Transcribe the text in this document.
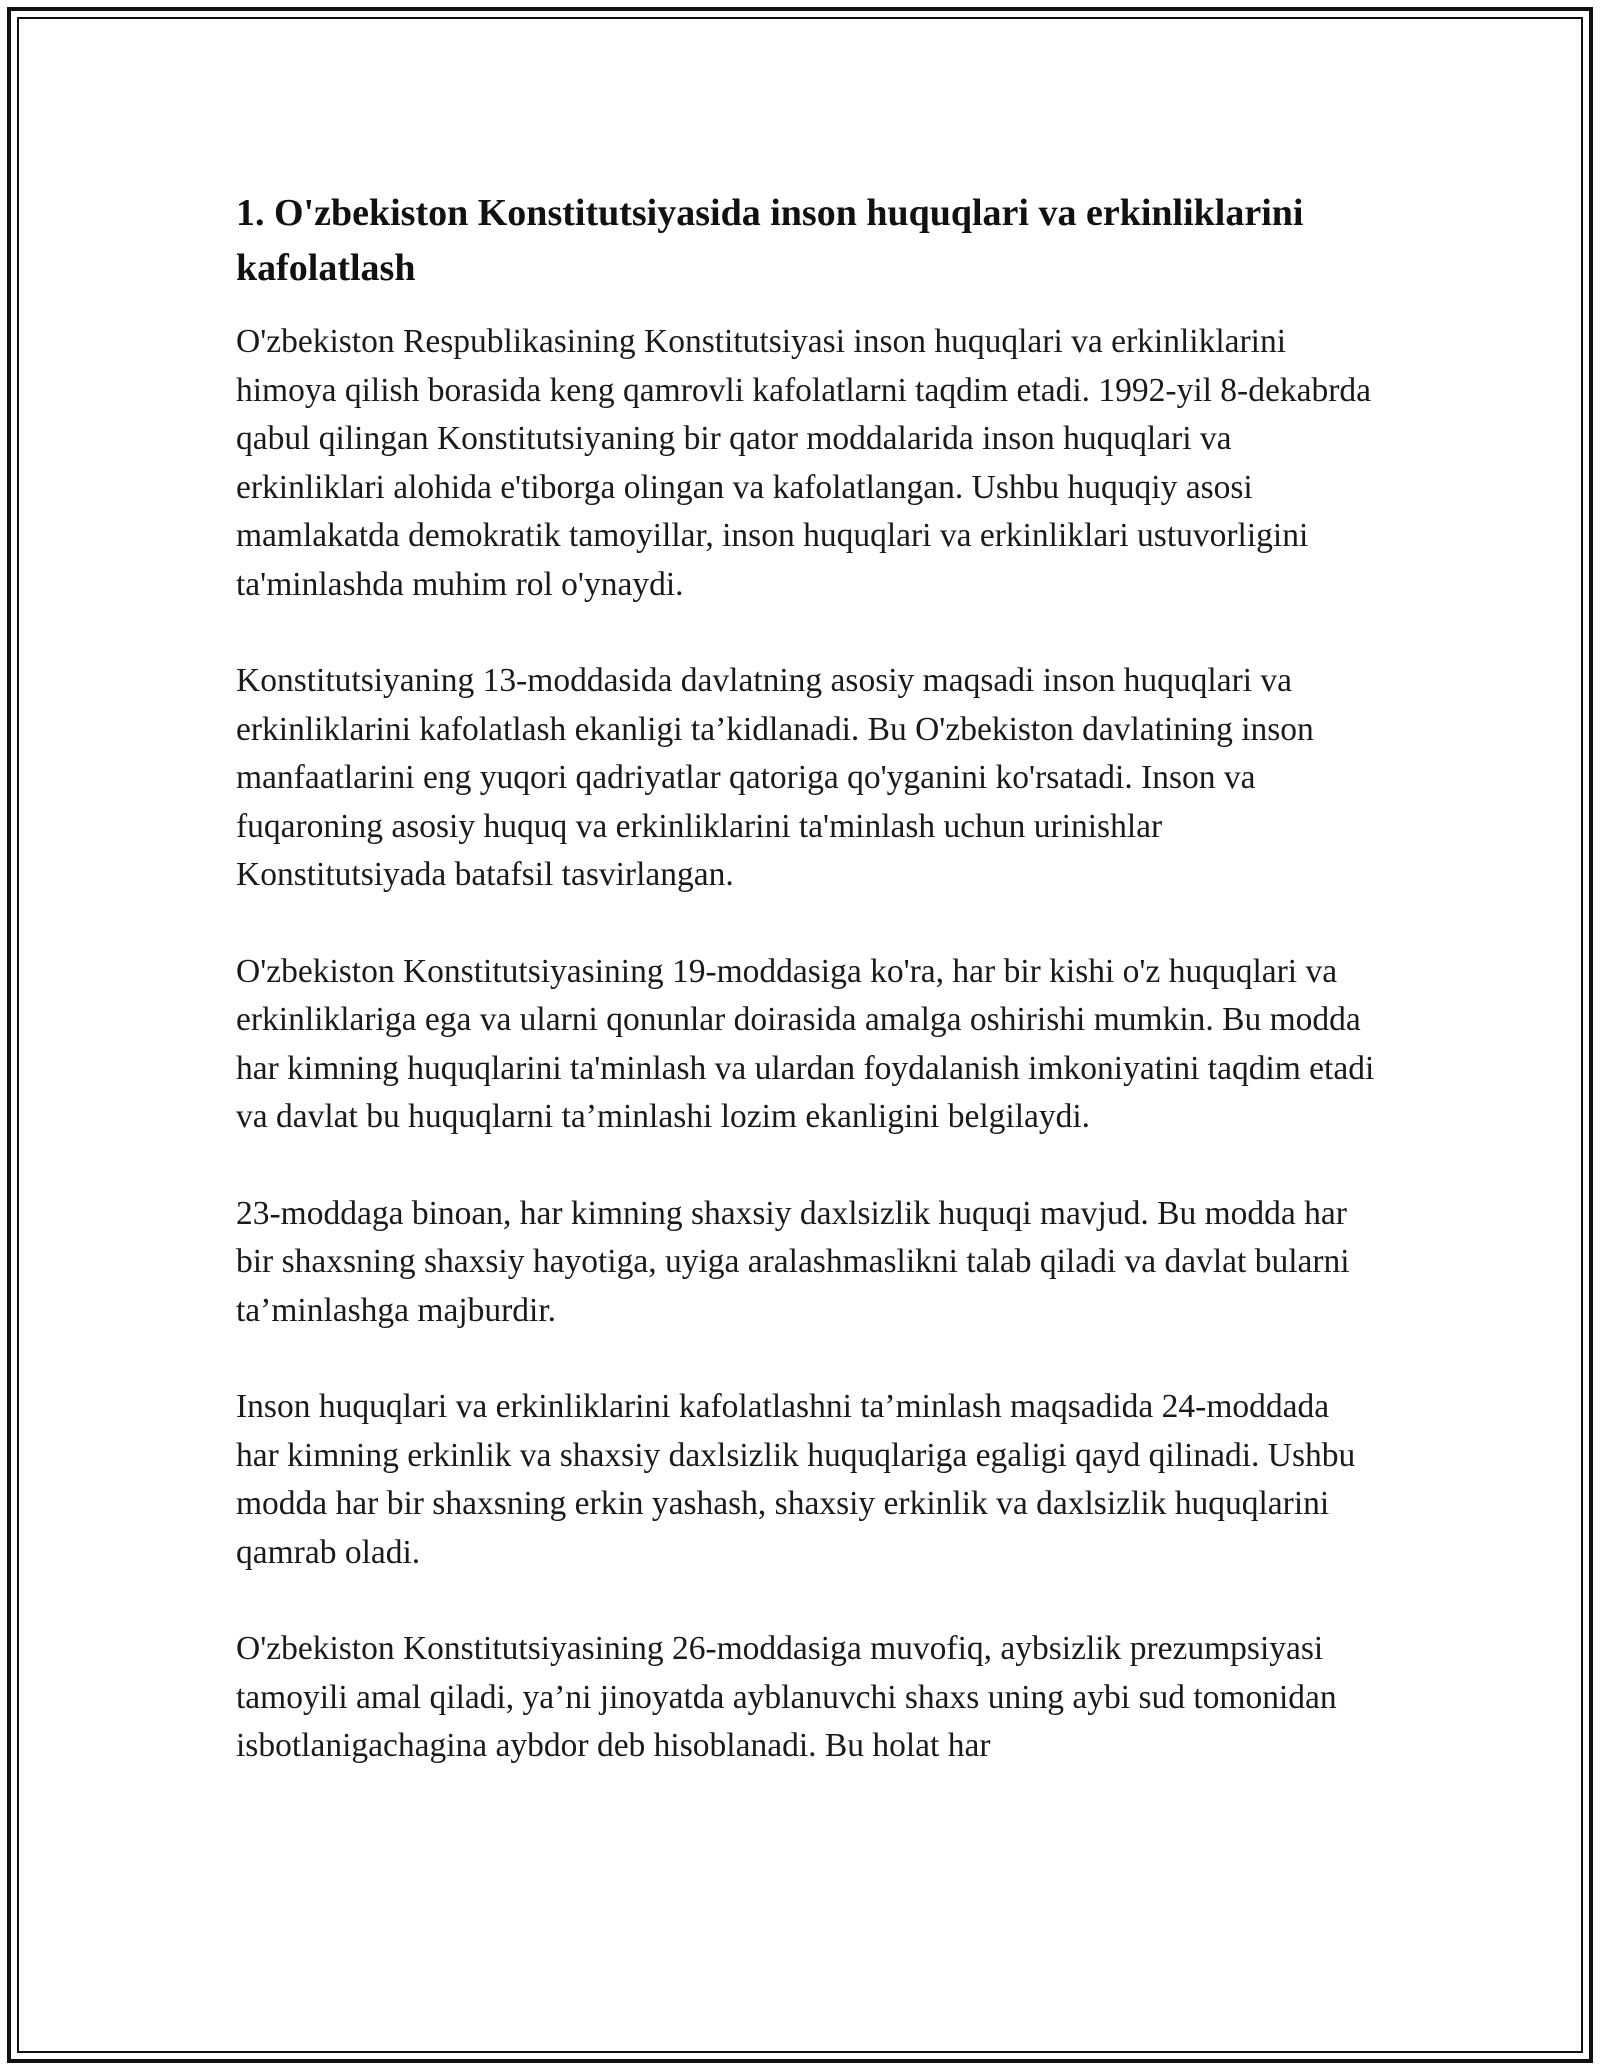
1. O'zbekiston Konstitutsiyasida inson huquqlari va erkinliklarini kafolatlash

O'zbekiston Respublikasining Konstitutsiyasi inson huquqlari va erkinliklarini himoya qilish borasida keng qamrovli kafolatlarni taqdim etadi. 1992-yil 8-dekabrda qabul qilingan Konstitutsiyaning bir qator moddalarida inson huquqlari va erkinliklari alohida e'tiborga olingan va kafolatlangan. Ushbu huquqiy asosi mamlakatda demokratik tamoyillar, inson huquqlari va erkinliklari ustuvorligini ta'minlashda muhim rol o'ynaydi.

Konstitutsiyaning 13-moddasida davlatning asosiy maqsadi inson huquqlari va erkinliklarini kafolatlash ekanligi ta’kidlanadi. Bu O'zbekiston davlatining inson manfaatlarini eng yuqori qadriyatlar qatoriga qo'yganini ko'rsatadi. Inson va fuqaroning asosiy huquq va erkinliklarini ta'minlash uchun urinishlar Konstitutsiyada batafsil tasvirlangan.

O'zbekiston Konstitutsiyasining 19-moddasiga ko'ra, har bir kishi o'z huquqlari va erkinliklariga ega va ularni qonunlar doirasida amalga oshirishi mumkin. Bu modda har kimning huquqlarini ta'minlash va ulardan foydalanish imkoniyatini taqdim etadi va davlat bu huquqlarni ta’minlashi lozim ekanligini belgilaydi.

23-moddaga binoan, har kimning shaxsiy daxlsizlik huquqi mavjud. Bu modda har bir shaxsning shaxsiy hayotiga, uyiga aralashmaslikni talab qiladi va davlat bularni ta’minlashga majburdir.

Inson huquqlari va erkinliklarini kafolatlashni ta’minlash maqsadida 24-moddada har kimning erkinlik va shaxsiy daxlsizlik huquqlariga egaligi qayd qilinadi. Ushbu modda har bir shaxsning erkin yashash, shaxsiy erkinlik va daxlsizlik huquqlarini qamrab oladi.

O'zbekiston Konstitutsiyasining 26-moddasiga muvofiq, aybsizlik prezumpsiyasi tamoyili amal qiladi, ya’ni jinoyatda ayblanuvchi shaxs uning aybi sud tomonidan isbotlanigachagina aybdor deb hisoblanadi. Bu holat har
